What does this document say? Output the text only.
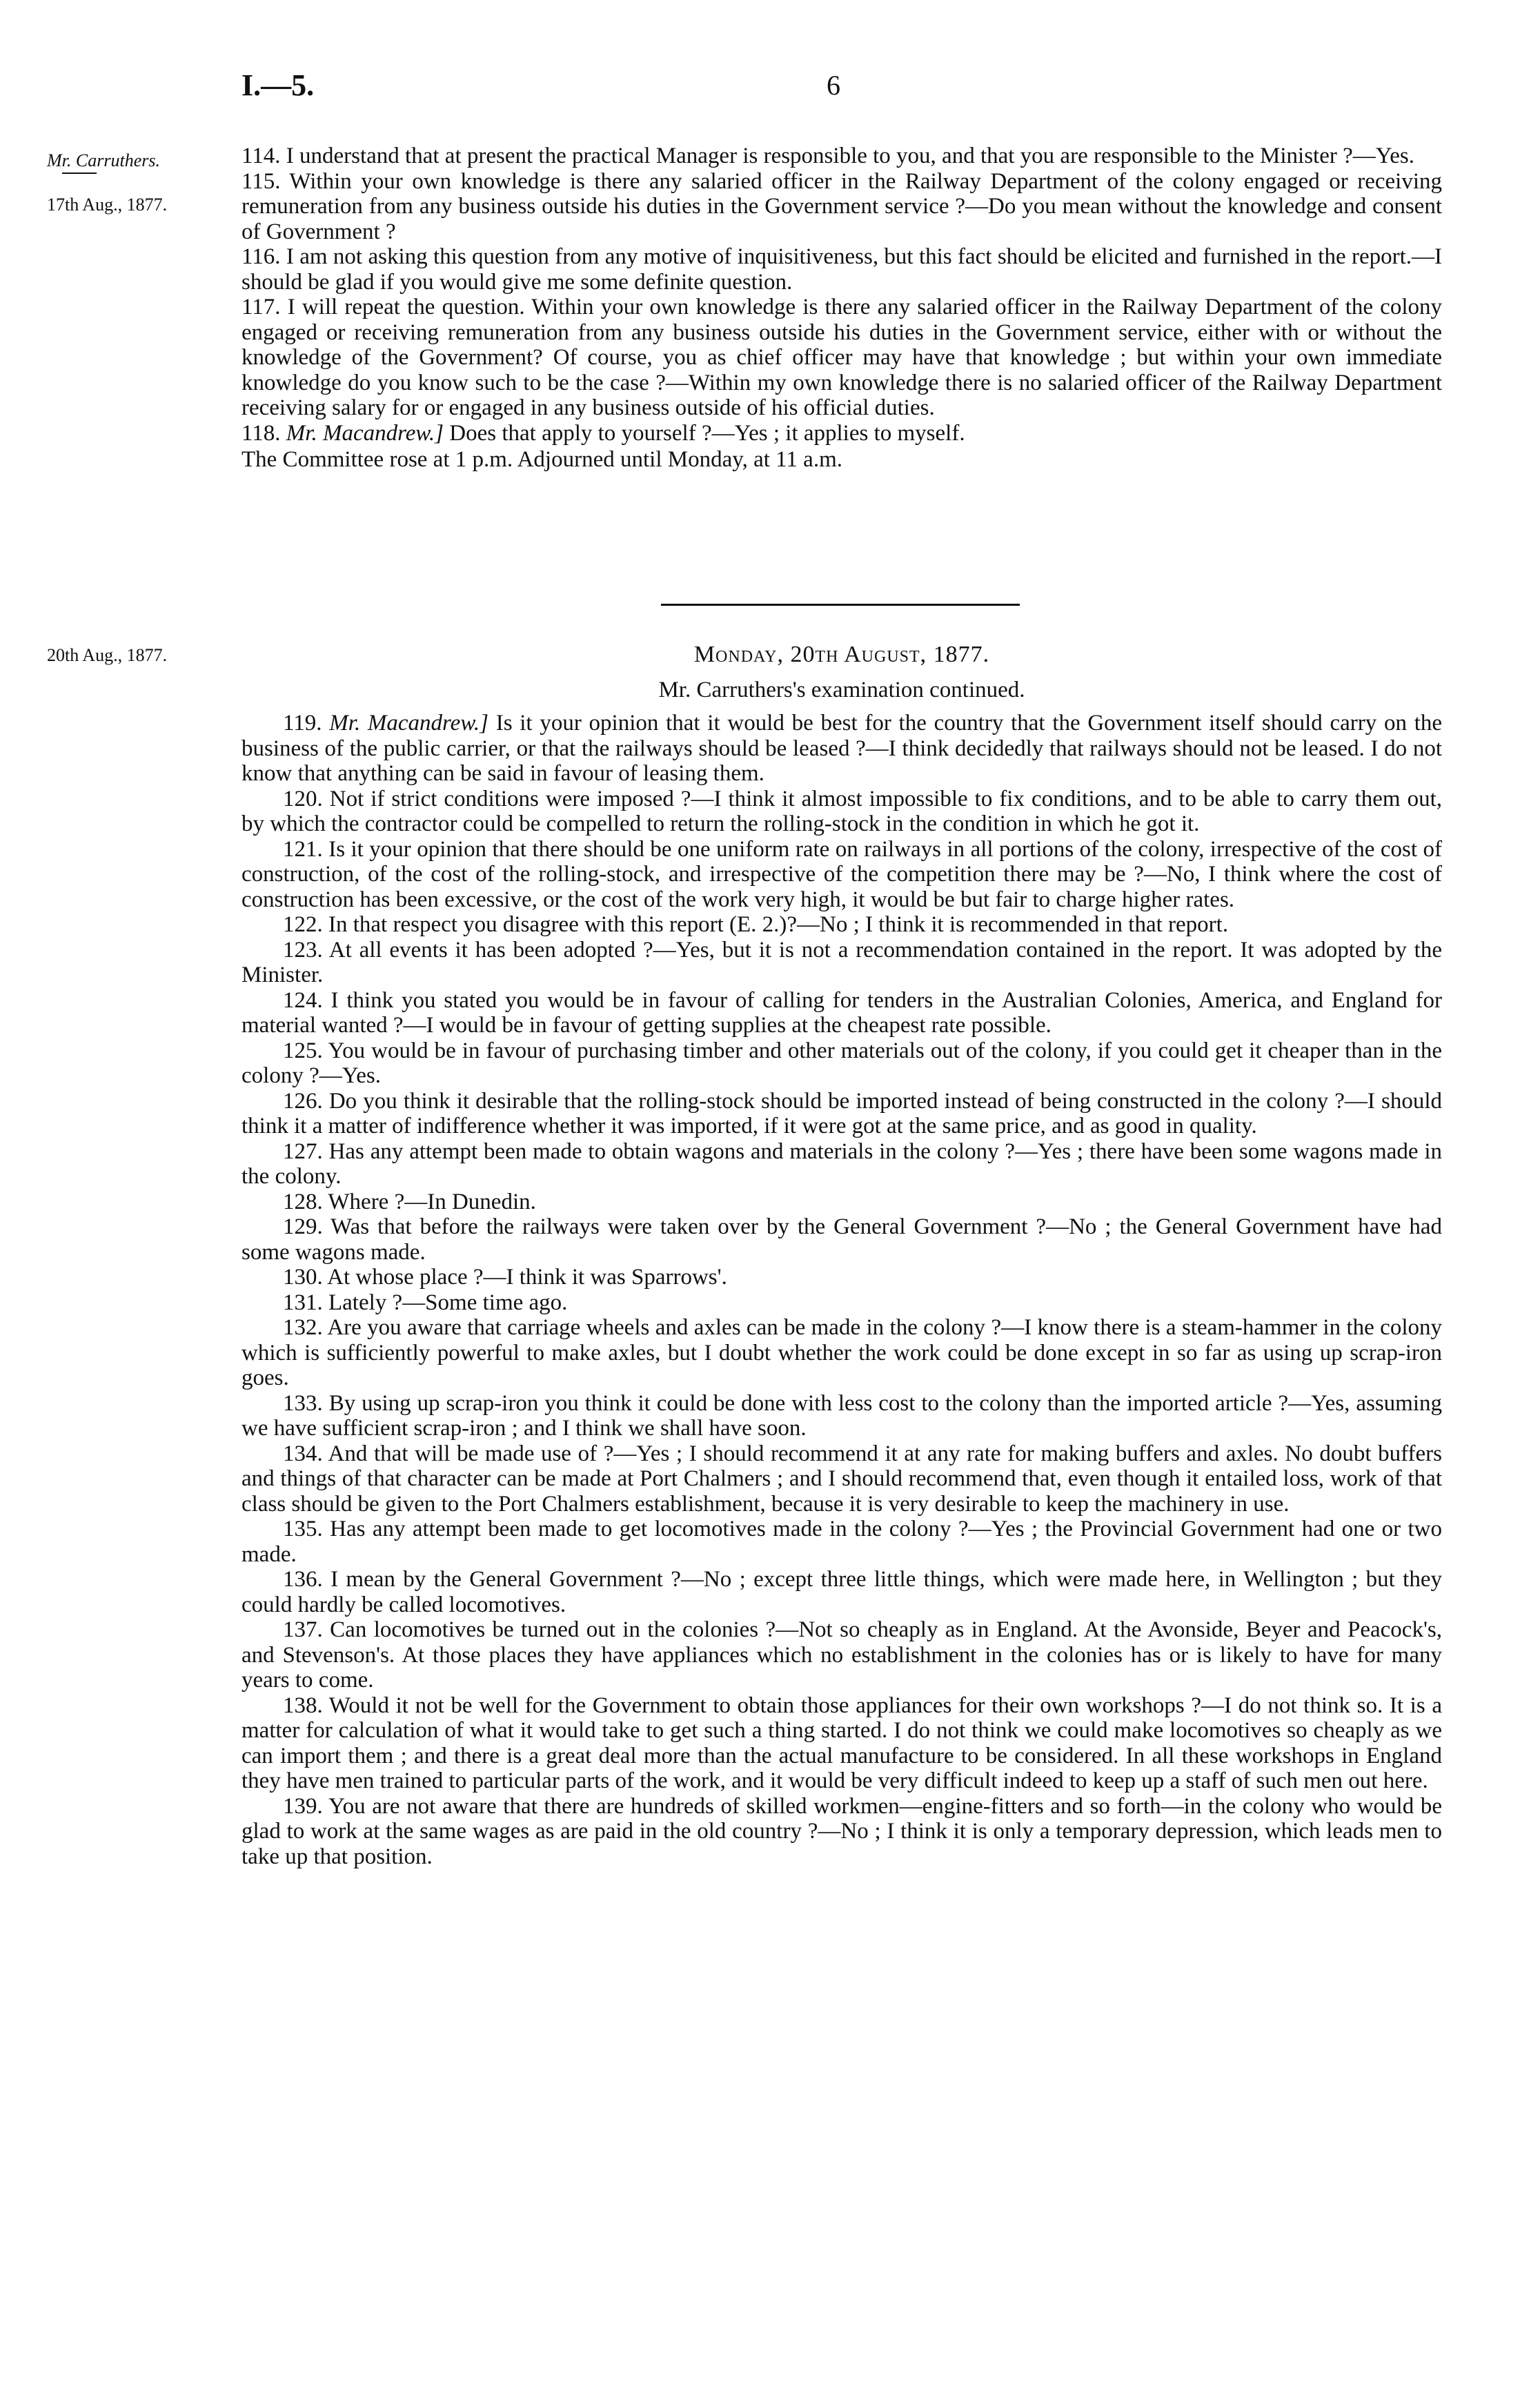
I.—5.	6
Mr. Carruthers.
17th Aug., 1877.
20th Aug., 1877.

114. I understand that at present the practical Manager is responsible to you, and that you are responsible to the Minister ?—Yes.

115. Within your own knowledge is there any salaried officer in the Railway Department of the colony engaged or receiving remuneration from any business outside his duties in the Government service ?—Do you mean without the knowledge and consent of Government ?

116. I am not asking this question from any motive of inquisitiveness, but this fact should be elicited and furnished in the report.—I should be glad if you would give me some definite question.

117. I will repeat the question. Within your own knowledge is there any salaried officer in the Railway Department of the colony engaged or receiving remuneration from any business outside his duties in the Government service, either with or without the knowledge of the Government? Of course, you as chief officer may have that knowledge ; but within your own immediate knowledge do you know such to be the case ?—Within my own knowledge there is no salaried officer of the Railway Department receiving salary for or engaged in any business outside of his official duties.

118. Mr. Macandrew.] Does that apply to yourself ?—Yes ; it applies to myself.

The Committee rose at 1 p.m. Adjourned until Monday, at 11 a.m.

Monday, 20th August, 1877.
Mr. Carruthers's examination continued.

119. Mr. Macandrew.] Is it your opinion that it would be best for the country that the Government itself should carry on the business of the public carrier, or that the railways should be leased ?—I think decidedly that railways should not be leased. I do not know that anything can be said in favour of leasing them.

120. Not if strict conditions were imposed ?—I think it almost impossible to fix conditions, and to be able to carry them out, by which the contractor could be compelled to return the rolling-stock in the condition in which he got it.

121. Is it your opinion that there should be one uniform rate on railways in all portions of the colony, irrespective of the cost of construction, of the cost of the rolling-stock, and irrespective of the competition there may be ?—No, I think where the cost of construction has been excessive, or the cost of the work very high, it would be but fair to charge higher rates.

122. In that respect you disagree with this report (E. 2.)?—No ; I think it is recommended in that report.

123. At all events it has been adopted ?—Yes, but it is not a recommendation contained in the report. It was adopted by the Minister.

124. I think you stated you would be in favour of calling for tenders in the Australian Colonies, America, and England for material wanted ?—I would be in favour of getting supplies at the cheapest rate possible.

125. You would be in favour of purchasing timber and other materials out of the colony, if you could get it cheaper than in the colony ?—Yes.

126. Do you think it desirable that the rolling-stock should be imported instead of being constructed in the colony ?—I should think it a matter of indifference whether it was imported, if it were got at the same price, and as good in quality.

127. Has any attempt been made to obtain wagons and materials in the colony ?—Yes ; there have been some wagons made in the colony.

128. Where ?—In Dunedin.

129. Was that before the railways were taken over by the General Government ?—No ; the General Government have had some wagons made.

130. At whose place ?—I think it was Sparrows'.

131. Lately ?—Some time ago.

132. Are you aware that carriage wheels and axles can be made in the colony ?—I know there is a steam-hammer in the colony which is sufficiently powerful to make axles, but I doubt whether the work could be done except in so far as using up scrap-iron goes.

133. By using up scrap-iron you think it could be done with less cost to the colony than the imported article ?—Yes, assuming we have sufficient scrap-iron ; and I think we shall have soon.

134. And that will be made use of ?—Yes ; I should recommend it at any rate for making buffers and axles. No doubt buffers and things of that character can be made at Port Chalmers ; and I should recommend that, even though it entailed loss, work of that class should be given to the Port Chalmers establishment, because it is very desirable to keep the machinery in use.

135. Has any attempt been made to get locomotives made in the colony ?—Yes ; the Provincial Government had one or two made.

136. I mean by the General Government ?—No ; except three little things, which were made here, in Wellington ; but they could hardly be called locomotives.

137. Can locomotives be turned out in the colonies ?—Not so cheaply as in England. At the Avonside, Beyer and Peacock's, and Stevenson's. At those places they have appliances which no establishment in the colonies has or is likely to have for many years to come.

138. Would it not be well for the Government to obtain those appliances for their own workshops ?—I do not think so. It is a matter for calculation of what it would take to get such a thing started. I do not think we could make locomotives so cheaply as we can import them ; and there is a great deal more than the actual manufacture to be considered. In all these workshops in England they have men trained to particular parts of the work, and it would be very difficult indeed to keep up a staff of such men out here.

139. You are not aware that there are hundreds of skilled workmen—engine-fitters and so forth—in the colony who would be glad to work at the same wages as are paid in the old country ?—No ; I think it is only a temporary depression, which leads men to take up that position.
